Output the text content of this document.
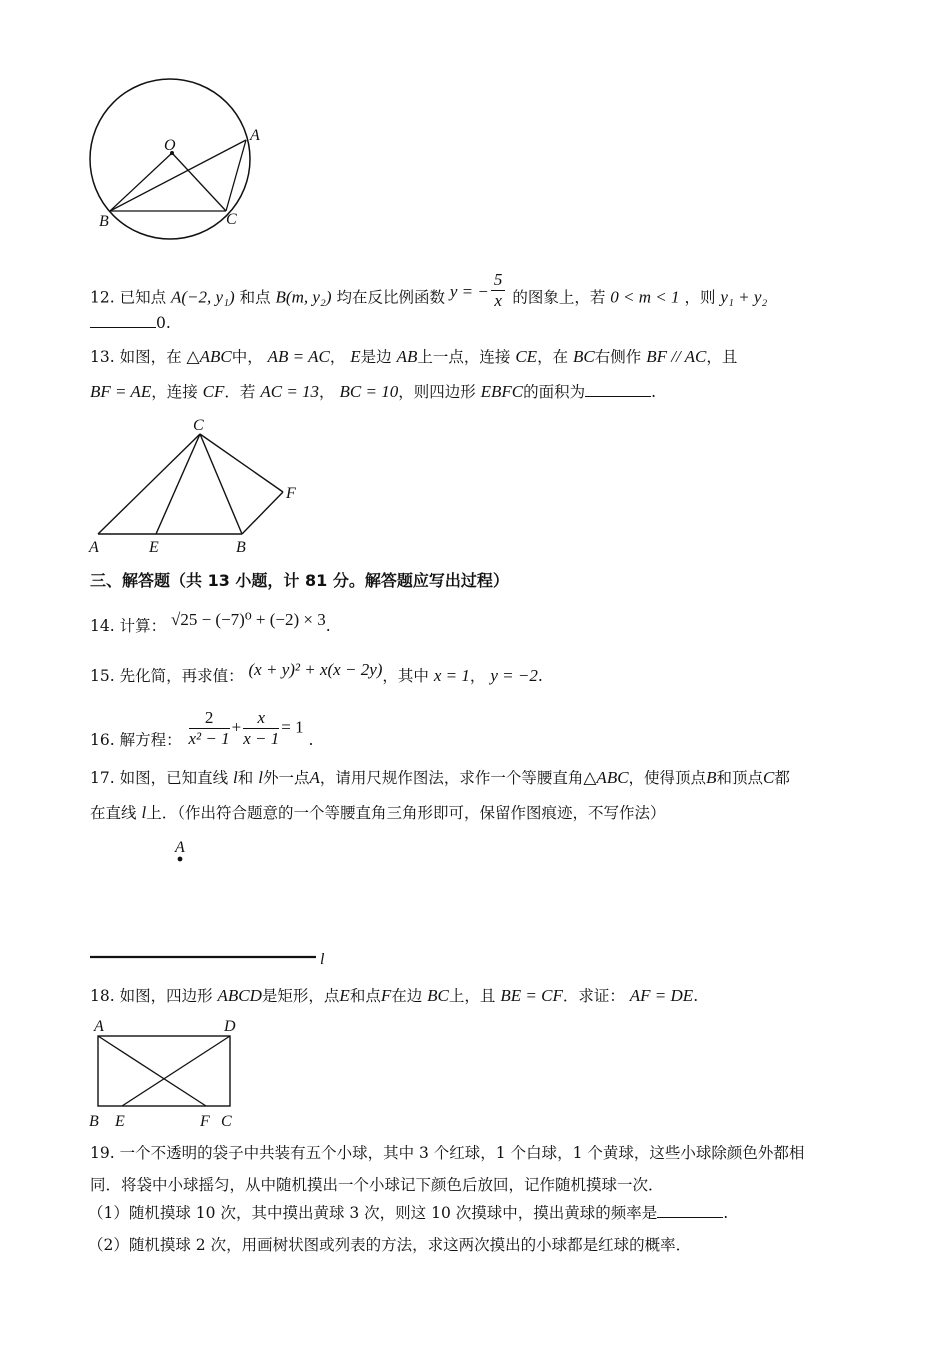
O
A
B	C
12. 已知点 A(−2, y₁) 和点 B(m, y₂) 均在反比例函数 y = − $\frac{5}{x}$ 的图象上，若 0 < m < 1 ，则 y₁ + y₂
0.
13. 如图，在 △ABC中， AB = AC， E是边 AB上一点，连接 CE，在 BC右侧作 BF // AC，且
BF = AE，连接 CF．若 AC = 13， BC = 10，则四边形 EBFC的面积为	.
C
F
A	E	B
三、解答题（共 13 小题，计 81 分。解答题应写出过程）
14. 计算： √25 − (−7)⁰ + (−2) × 3.
15. 先化简，再求值： (x + y)² + x(x − 2y)，其中 x = 1， y = −2.
16. 解方程： $\frac{2}{\text{x² − 1}} + \frac{x}{x - 1} = 1$ .
17. 如图，已知直线 l和 l外一点A，请用尺规作图法，求作一个等腰直角△ABC，使得顶点B和顶点C都
在直线 l上．（作出符合题意的一个等腰直角三角形即可，保留作图痕迹，不写作法）
A
l
18. 如图，四边形 ABCD是矩形，点E和点F在边 BC上，且 BE = CF．求证： AF = DE.
A	D
B E	F C
19. 一个不透明的袋子中共装有五个小球，其中 3 个红球，1 个白球，1 个黄球，这些小球除颜色外都相
同．将袋中小球摇匀，从中随机摸出一个小球记下颜色后放回，记作随机摸球一次．
（1）随机摸球 10 次，其中摸出黄球 3 次，则这 10 次摸球中，摸出黄球的频率是	.
（2）随机摸球 2 次，用画树状图或列表的方法，求这两次摸出的小球都是红球的概率．
